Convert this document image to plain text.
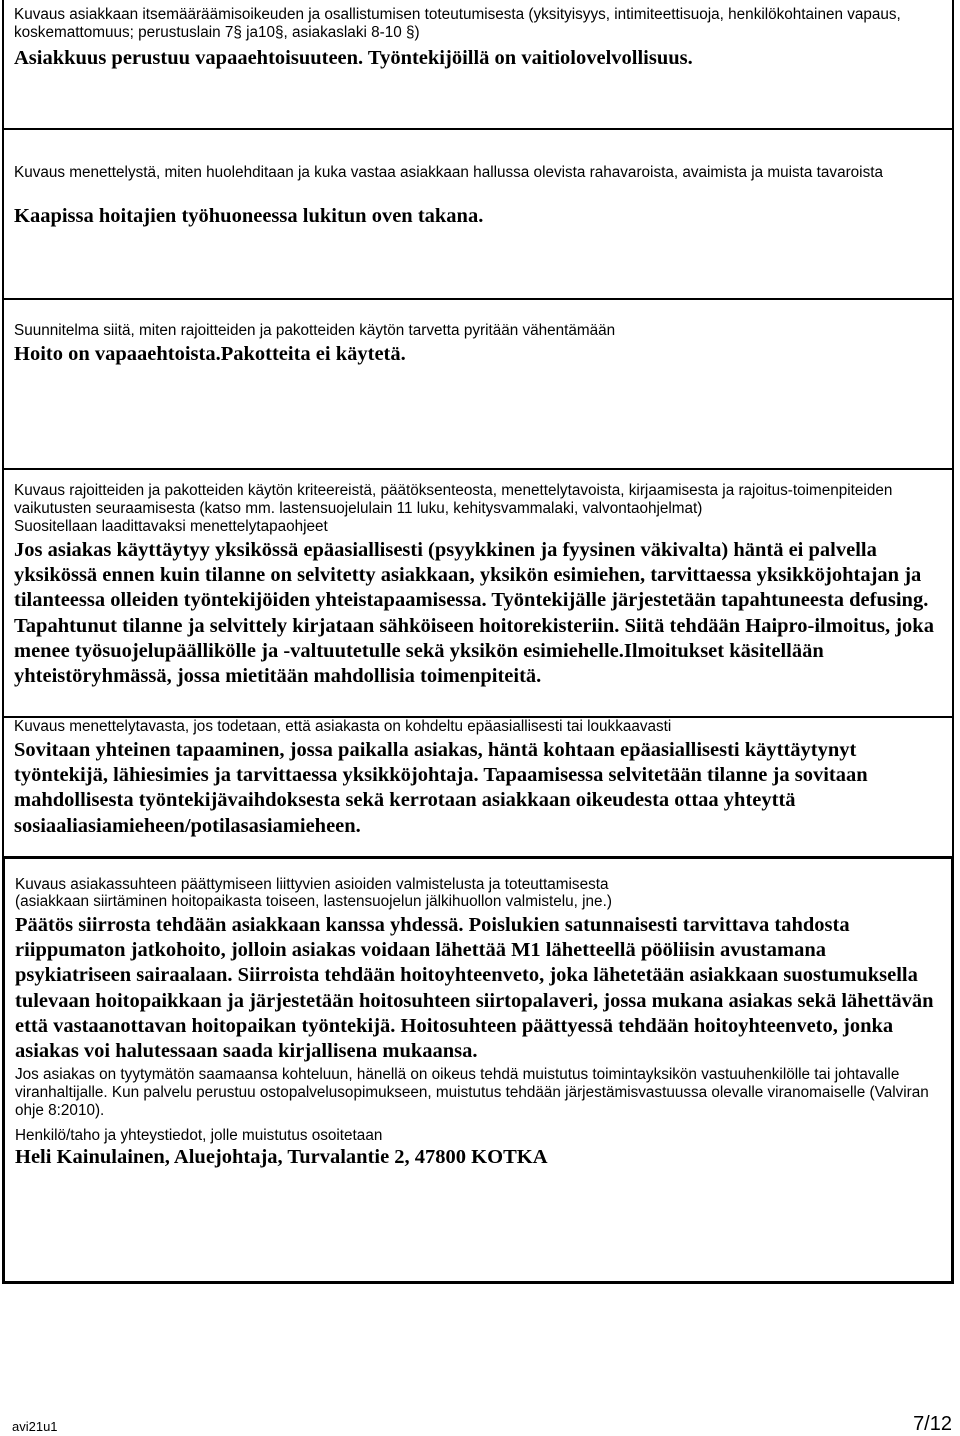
Kuvaus asiakkaan itsemääräämisoikeuden ja osallistumisen toteutumisesta (yksityisyys, intimiteettisuoja, henkilökohtainen vapaus, koskemattomuus; perustuslain 7§ ja10§, asiakaslaki 8-10 §)

Asiakkuus perustuu vapaaehtoisuuteen. Työntekijöillä on vaitiolovelvollisuus.

Kuvaus menettelystä, miten huolehditaan ja kuka vastaa asiakkaan hallussa olevista rahavaroista, avaimista ja muista tavaroista

Kaapissa hoitajien työhuoneessa lukitun oven takana.

Suunnitelma siitä, miten rajoitteiden ja pakotteiden käytön tarvetta pyritään vähentämään

Hoito on vapaaehtoista.Pakotteita ei käytetä.

Kuvaus rajoitteiden ja pakotteiden käytön kriteereistä, päätöksenteosta, menettelytavoista, kirjaamisesta ja rajoitus-toimenpiteiden vaikutusten seuraamisesta (katso mm. lastensuojelulain 11 luku, kehitysvammalaki, valvontaohjelmat)

Suositellaan laadittavaksi menettelytapaohjeet

Jos asiakas käyttäytyy yksikössä epäasiallisesti (psyykkinen ja fyysinen väkivalta) häntä ei palvella yksikössä ennen kuin tilanne on selvitetty asiakkaan, yksikön esimiehen, tarvittaessa yksikköjohtajan ja tilanteessa olleiden työntekijöiden yhteistapaamisessa. Työntekijälle järjestetään tapahtuneesta defusing. Tapahtunut tilanne ja selvittely kirjataan sähköiseen hoitorekisteriin. Siitä tehdään Haipro-ilmoitus, joka menee työsuojelupäällikölle ja -valtuutetulle sekä yksikön esimiehelle.Ilmoitukset käsitellään yhteistöryhmässä, jossa mietitään mahdollisia toimenpiteitä.

Kuvaus menettelytavasta, jos todetaan, että asiakasta on kohdeltu epäasiallisesti tai loukkaavasti

Sovitaan yhteinen tapaaminen, jossa paikalla asiakas, häntä kohtaan epäasiallisesti käyttäytynyt työntekijä, lähiesimies ja tarvittaessa yksikköjohtaja. Tapaamisessa selvitetään tilanne ja sovitaan mahdollisesta työntekijävaihdoksesta sekä kerrotaan asiakkaan oikeudesta ottaa yhteyttä sosiaaliasiamieheen/potilasasiamieheen.

Kuvaus asiakassuhteen päättymiseen liittyvien asioiden valmistelusta ja toteuttamisesta

(asiakkaan siirtäminen hoitopaikasta toiseen, lastensuojelun jälkihuollon valmistelu, jne.)

Päätös siirrosta tehdään asiakkaan kanssa yhdessä. Poislukien satunnaisesti tarvittava tahdosta riippumaton jatkohoito, jolloin asiakas voidaan lähettää M1 lähetteellä pööliisin avustamana psykiatriseen sairaalaan. Siirroista tehdään hoitoyhteenveto, joka lähetetään asiakkaan suostumuksella tulevaan hoitopaikkaan ja järjestetään hoitosuhteen siirtopalaveri, jossa mukana asiakas sekä lähettävän että vastaanottavan hoitopaikan työntekijä. Hoitosuhteen päättyessä tehdään hoitoyhteenveto, jonka asiakas voi halutessaan saada kirjallisena mukaansa.

Jos asiakas on tyytymätön saamaansa kohteluun, hänellä on oikeus tehdä muistutus toimintayksikön vastuuhenkilölle tai johtavalle viranhaltijalle. Kun palvelu perustuu ostopalvelusopimukseen, muistutus tehdään järjestämisvastuussa olevalle viranomaiselle (Valviran ohje 8:2010).

Henkilö/taho ja yhteystiedot, jolle muistutus osoitetaan

Heli Kainulainen, Aluejohtaja, Turvalantie 2, 47800 KOTKA

avi21u1	7/12
